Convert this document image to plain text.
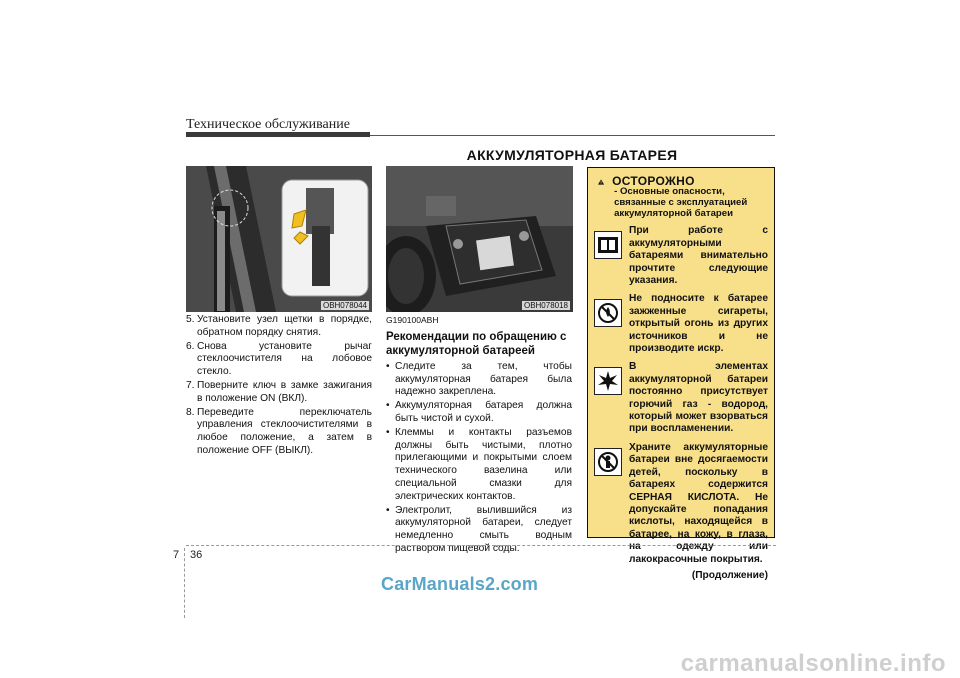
Техническое обслуживание
АККУМУЛЯТОРНАЯ БАТАРЕЯ
OBH078044	OBH078018
5. Установите узел щетки в порядке, обратном порядку снятия.
6. Снова установите рычаг стеклоочистителя на лобовое стекло.
7. Поверните ключ в замке зажигания в положение ON (ВКЛ).
8. Переведите переключатель управления стеклоочистителями в любое положение, а затем в положение OFF (ВЫКЛ).
G190100ABH
Рекомендации по обращению с аккумуляторной батареей
• Следите за тем, чтобы аккумуляторная батарея была надежно закреплена.
• Аккумуляторная батарея должна быть чистой и сухой.
• Клеммы и контакты разъемов должны быть чистыми, плотно прилегающими и покрытыми слоем технического вазелина или специальной смазки для электрических контактов.
• Электролит, вылившийся из аккумуляторной батареи, следует немедленно смыть водным раствором пищевой соды.
ОСТОРОЖНО
- Основные опасности, связанные с эксплуатацией аккумуляторной батареи
При работе с аккумуляторными батареями внимательно прочтите следующие указания.
Не подносите к батарее зажженные сигареты, открытый огонь из других источников и не производите искр.
В элементах аккумуляторной батареи постоянно присутствует горючий газ - водород, который может взорваться при воспламенении.
Храните аккумуляторные батареи вне досягаемости детей, поскольку в батареях содержится СЕРНАЯ КИСЛОТА. Не допускайте попадания кислоты, находящейся в батарее, на кожу, в глаза, на одежду или лакокрасочные покрытия.
(Продолжение)
7 36
CarManuals2.com
carmanualsonline.info
